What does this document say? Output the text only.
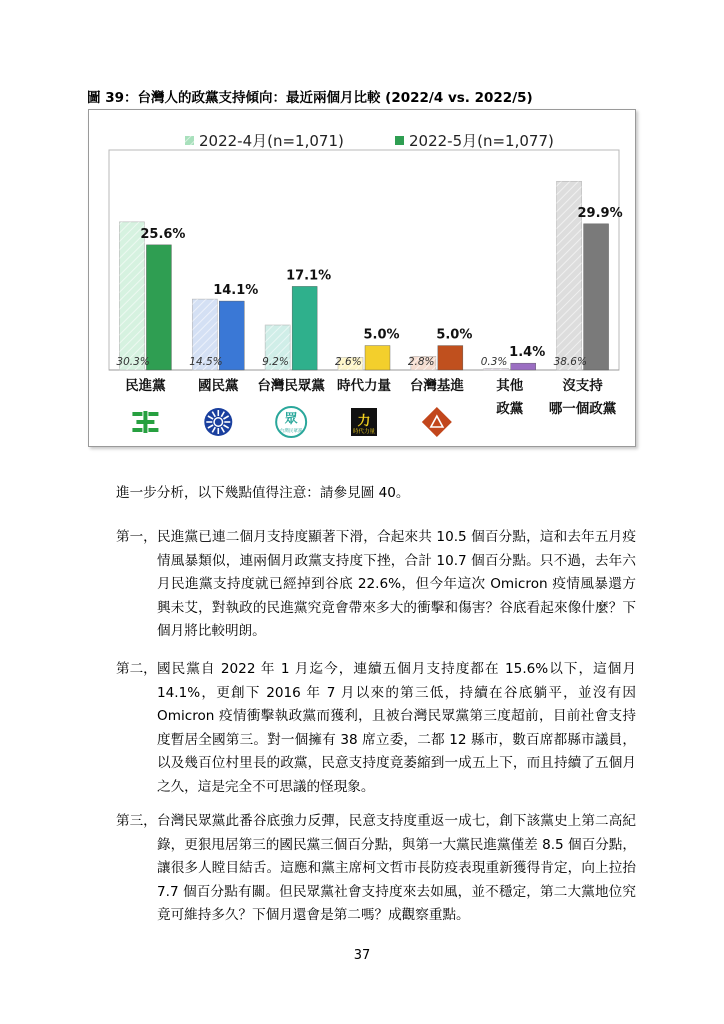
圖 39：台灣人的政黨支持傾向：最近兩個月比較 (2022/4 vs. 2022/5)
2022-4月(n=1,071)	2022-5月(n=1,077)
30.3%
25.6%
民進黨
14.5%
14.1%
國民黨
9.2%
17.1%
台灣民眾黨
2.6%
5.0%
時代力量
2.8%
5.0%
台灣基進
0.3%
1.4%
其他
政黨
38.6%
29.9%
沒支持
哪一個政黨
眾
台灣民眾黨
力
時代力量
進一步分析，以下幾點值得注意：請參見圖 40。
第一， 民進黨已連二個月支持度顯著下滑，合起來共 10.5 個百分點，這和去年五月疫情風暴類似，連兩個月政黨支持度下挫，合計 10.7 個百分點。只不過，去年六月民進黨支持度就已經掉到谷底 22.6%，但今年這次 Omicron 疫情風暴還方興未艾，對執政的民進黨究竟會帶來多大的衝擊和傷害？谷底看起來像什麼？下個月將比較明朗。
第二， 國民黨自 2022 年 1 月迄今，連續五個月支持度都在 15.6%以下，這個月 14.1%，更創下 2016 年 7 月以來的第三低，持續在谷底躺平，並沒有因 Omicron 疫情衝擊執政黨而獲利，且被台灣民眾黨第三度超前，目前社會支持度暫居全國第三。對一個擁有 38 席立委，二都 12 縣市，數百席都縣市議員，以及幾百位村里長的政黨，民意支持度竟萎縮到一成五上下，而且持續了五個月之久，這是完全不可思議的怪現象。
第三， 台灣民眾黨此番谷底強力反彈，民意支持度重返一成七，創下該黨史上第二高紀錄，更狠甩居第三的國民黨三個百分點，與第一大黨民進黨僅差 8.5 個百分點，讓很多人瞠目結舌。這應和黨主席柯文哲市長防疫表現重新獲得肯定，向上拉抬 7.7 個百分點有關。但民眾黨社會支持度來去如風，並不穩定，第二大黨地位究竟可維持多久？下個月還會是第二嗎？成觀察重點。
37
